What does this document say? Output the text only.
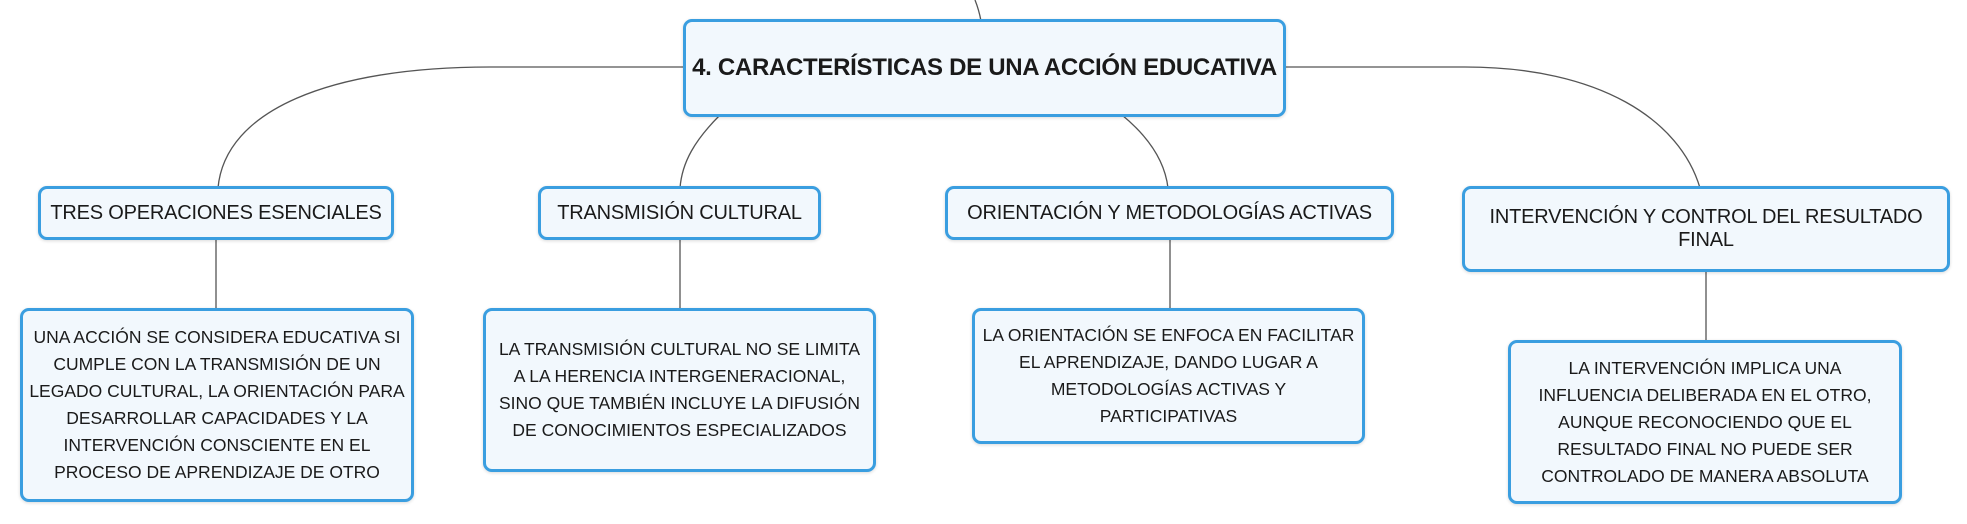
4. CARACTERÍSTICAS DE UNA ACCIÓN EDUCATIVA
TRES OPERACIONES ESENCIALES	TRANSMISIÓN CULTURAL	ORIENTACIÓN Y METODOLOGÍAS ACTIVAS	INTERVENCIÓN Y CONTROL DEL RESULTADO FINAL
UNA ACCIÓN SE CONSIDERA EDUCATIVA SI CUMPLE CON LA TRANSMISIÓN DE UN LEGADO CULTURAL, LA ORIENTACIÓN PARA DESARROLLAR CAPACIDADES Y LA INTERVENCIÓN CONSCIENTE EN EL PROCESO DE APRENDIZAJE DE OTRO
LA TRANSMISIÓN CULTURAL NO SE LIMITA A LA HERENCIA INTERGENERACIONAL, SINO QUE TAMBIÉN INCLUYE LA DIFUSIÓN DE CONOCIMIENTOS ESPECIALIZADOS
LA ORIENTACIÓN SE ENFOCA EN FACILITAR EL APRENDIZAJE, DANDO LUGAR A METODOLOGÍAS ACTIVAS Y PARTICIPATIVAS
LA INTERVENCIÓN IMPLICA UNA INFLUENCIA DELIBERADA EN EL OTRO, AUNQUE RECONOCIENDO QUE EL RESULTADO FINAL NO PUEDE SER CONTROLADO DE MANERA ABSOLUTA
